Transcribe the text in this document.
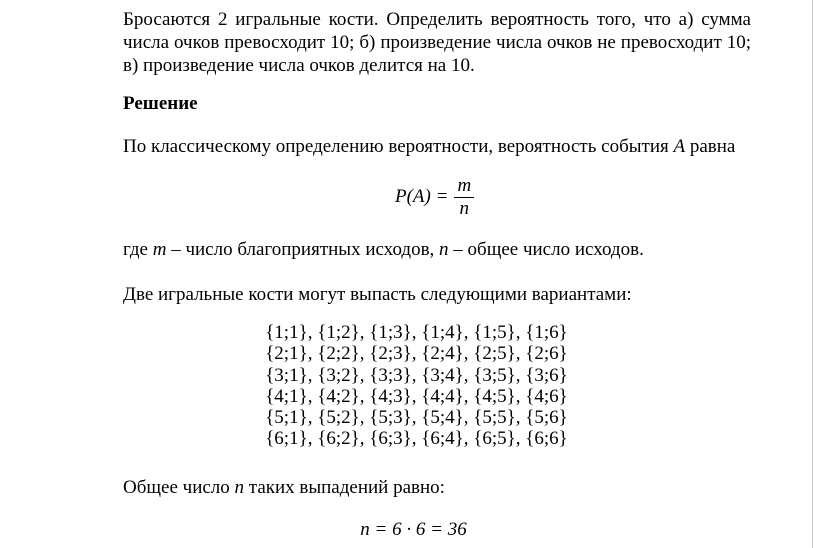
Бросаются 2 игральные кости. Определить вероятность того, что а) сумма числа очков превосходит 10; б) произведение числа очков не превосходит 10; в) произведение числа очков делится на 10.

Решение

По классическому определению вероятности, вероятность события A равна

$P(A) = \frac{m}{n}$

где m – число благоприятных исходов, n – общее число исходов.

Две игральные кости могут выпасть следующими вариантами:

{1;1}, {1;2}, {1;3}, {1;4}, {1;5}, {1;6}
{2;1}, {2;2}, {2;3}, {2;4}, {2;5}, {2;6}
{3;1}, {3;2}, {3;3}, {3;4}, {3;5}, {3;6}
{4;1}, {4;2}, {4;3}, {4;4}, {4;5}, {4;6}
{5;1}, {5;2}, {5;3}, {5;4}, {5;5}, {5;6}
{6;1}, {6;2}, {6;3}, {6;4}, {6;5}, {6;6}

Общее число n таких выпадений равно:

n = 6 · 6 = 36
